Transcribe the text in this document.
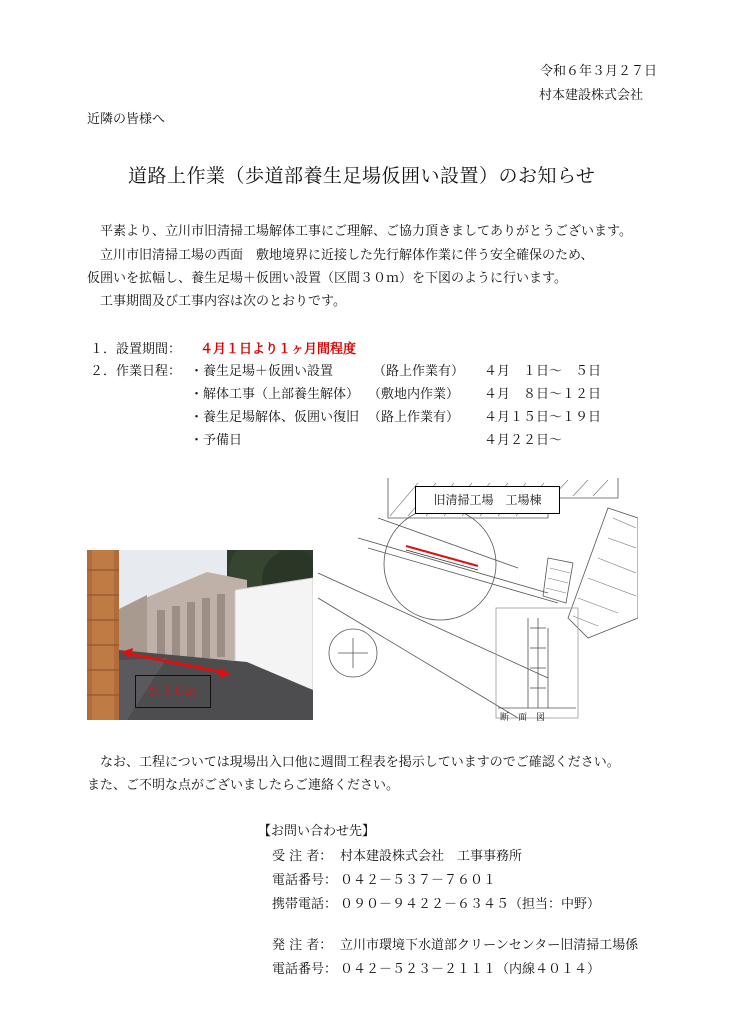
令和６年３月２７日
村本建設株式会社
近隣の皆様へ
道路上作業（歩道部養生足場仮囲い設置）のお知らせ
平素より、立川市旧清掃工場解体工事にご理解、ご協力頂きましてありがとうございます。
立川市旧清掃工場の西面　敷地境界に近接した先行解体作業に伴う安全確保のため、
仮囲いを拡幅し、養生足場＋仮囲い設置（区間３０ｍ）を下図のように行います。
工事期間及び工事内容は次のとおりです。
１．設置期間： ４月１日より１ヶ月間程度
２．作業日程： ・養生足場＋仮囲い設置	（路上作業有） ４月　１日～　５日
・解体工事（上部養生解体） （敷地内作業） ４月　８日～１２日
・養生足場解体、仮囲い復旧 （路上作業有） ４月１５日～１９日
・予備日	４月２２日～
約３０ｍ
旧清掃工場　工場棟
断　面　図
なお、工程については現場出入口他に週間工程表を掲示していますのでご確認ください。
また、ご不明な点がございましたらご連絡ください。
【お問い合わせ先】
受 注 者： 村本建設株式会社　工事事務所
電話番号： ０４２－５３７－７６０１
携帯電話： ０９０－９４２２－６３４５（担当：中野）
発 注 者： 立川市環境下水道部クリーンセンター旧清掃工場係
電話番号： ０４２－５２３－２１１１（内線４０１４）
